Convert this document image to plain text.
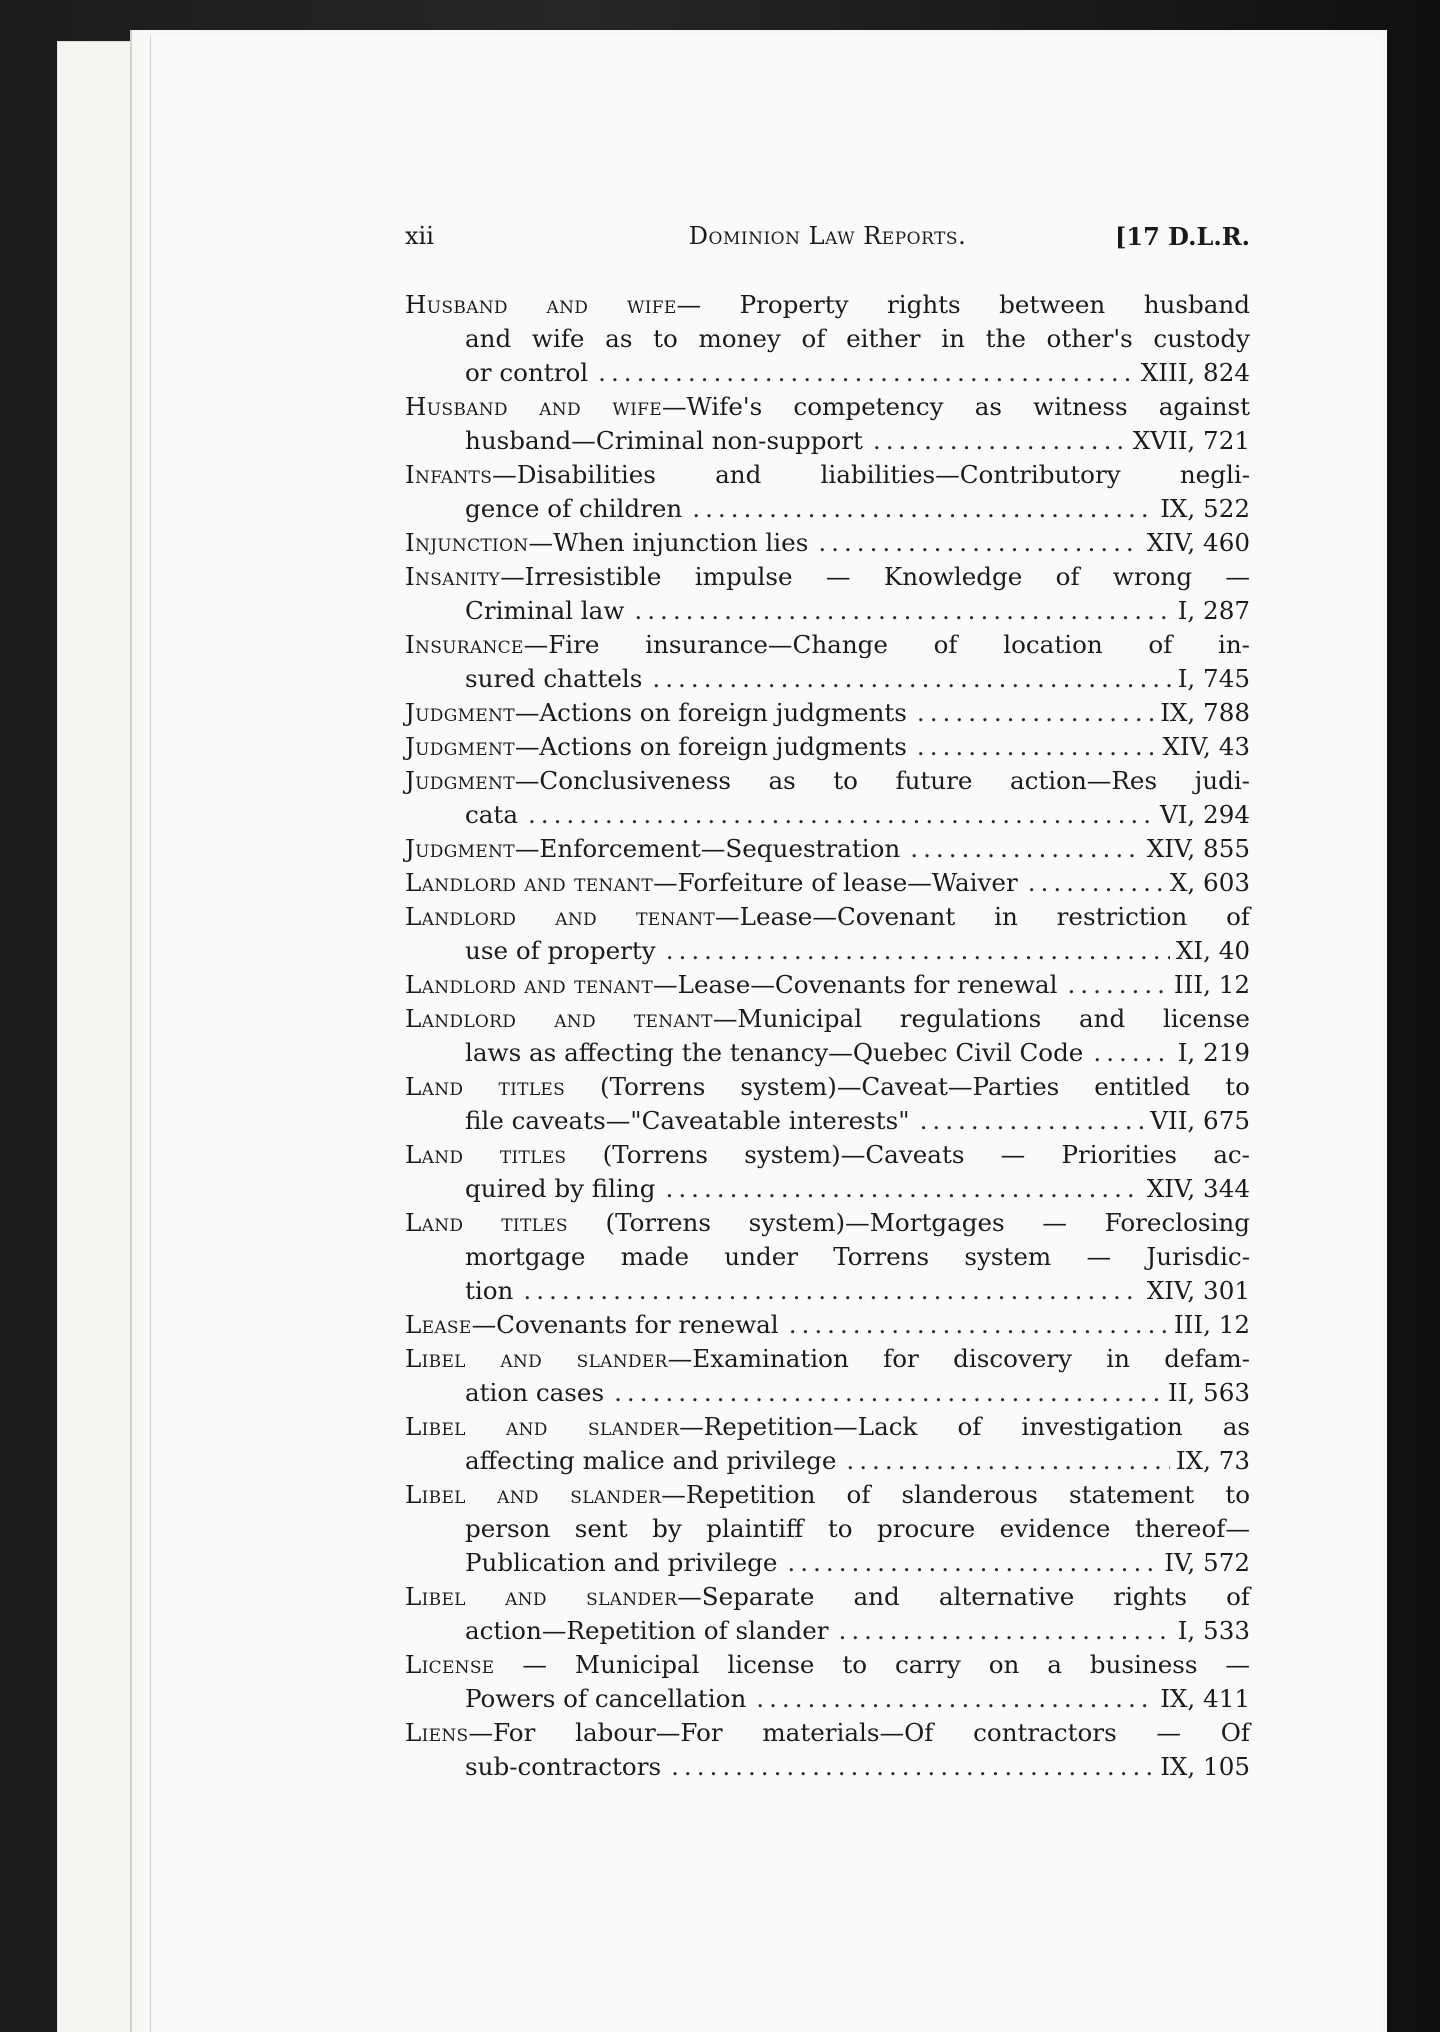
xii	Dominion Law Reports.	[17 D.L.R.
Husband and wife— Property rights between husband
and wife as to money of either in the other's custody
or control .....	XIII, 824
Husband and wife—Wife's competency as witness against
husband—Criminal non-support .....	XVII, 721
Infants—Disabilities and liabilities—Contributory negli-
gence of children .....	IX, 522
Injunction—When injunction lies .....	XIV, 460
Insanity—Irresistible impulse — Knowledge of wrong —
Criminal law .....	I, 287
Insurance—Fire insurance—Change of location of in-
sured chattels .....	I, 745
Judgment—Actions on foreign judgments .....	IX, 788
Judgment—Actions on foreign judgments .....	XIV, 43
Judgment—Conclusiveness as to future action—Res judi-
cata .....	VI, 294
Judgment—Enforcement—Sequestration .....	XIV, 855
Landlord and tenant—Forfeiture of lease—Waiver .....	X, 603
Landlord and tenant—Lease—Covenant in restriction of
use of property .....	XI, 40
Landlord and tenant—Lease—Covenants for renewal .....	III, 12
Landlord and tenant—Municipal regulations and license
laws as affecting the tenancy—Quebec Civil Code .....	I, 219
Land titles (Torrens system)—Caveat—Parties entitled to
file caveats—"Caveatable interests" .....	VII, 675
Land titles (Torrens system)—Caveats — Priorities ac-
quired by filing .....	XIV, 344
Land titles (Torrens system)—Mortgages — Foreclosing
mortgage made under Torrens system — Jurisdic-
tion .....	XIV, 301
Lease—Covenants for renewal .....	III, 12
Libel and slander—Examination for discovery in defam-
ation cases .....	II, 563
Libel and slander—Repetition—Lack of investigation as
affecting malice and privilege .....	IX, 73
Libel and slander—Repetition of slanderous statement to
person sent by plaintiff to procure evidence thereof—
Publication and privilege .....	IV, 572
Libel and slander—Separate and alternative rights of
action—Repetition of slander .....	I, 533
License — Municipal license to carry on a business —
Powers of cancellation .....	IX, 411
Liens—For labour—For materials—Of contractors — Of
sub-contractors .....	IX, 105
